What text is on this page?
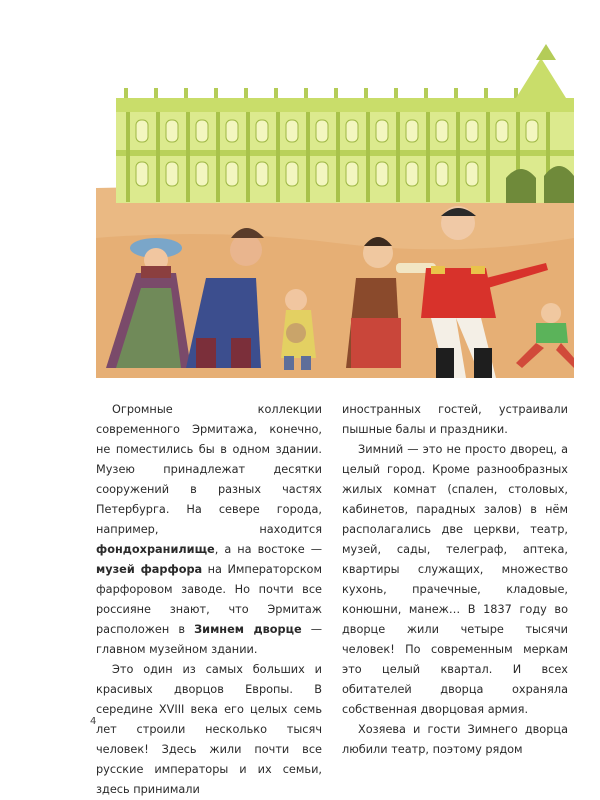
Огромные коллекции современного Эрмитажа, конечно, не поместились бы в одном здании. Музею принадлежат десятки сооружений в разных частях Петербурга. На севере города, например, находится фондохранилище, а на востоке — музей фарфора на Императорском фарфоровом заводе. Но почти все россияне знают, что Эрмитаж расположен в Зимнем дворце — главном музейном здании.

Это один из самых больших и красивых дворцов Европы. В середине XVIII века его целых семь лет строили несколько тысяч человек! Здесь жили почти все русские императоры и их семьи, здесь принимали

иностранных гостей, устраивали пышные балы и праздники.

Зимний — это не просто дворец, а целый город. Кроме разнообразных жилых комнат (спален, столовых, кабинетов, парадных залов) в нём располагались две церкви, театр, музей, сады, телеграф, аптека, квартиры служащих, множество кухонь, прачечные, кладовые, конюшни, манеж… В 1837 году во дворце жили четыре тысячи человек! По современным меркам это целый квартал. И всех обитателей дворца охраняла собственная дворцовая армия.

Хозяева и гости Зимнего дворца любили театр, поэтому рядом

4
